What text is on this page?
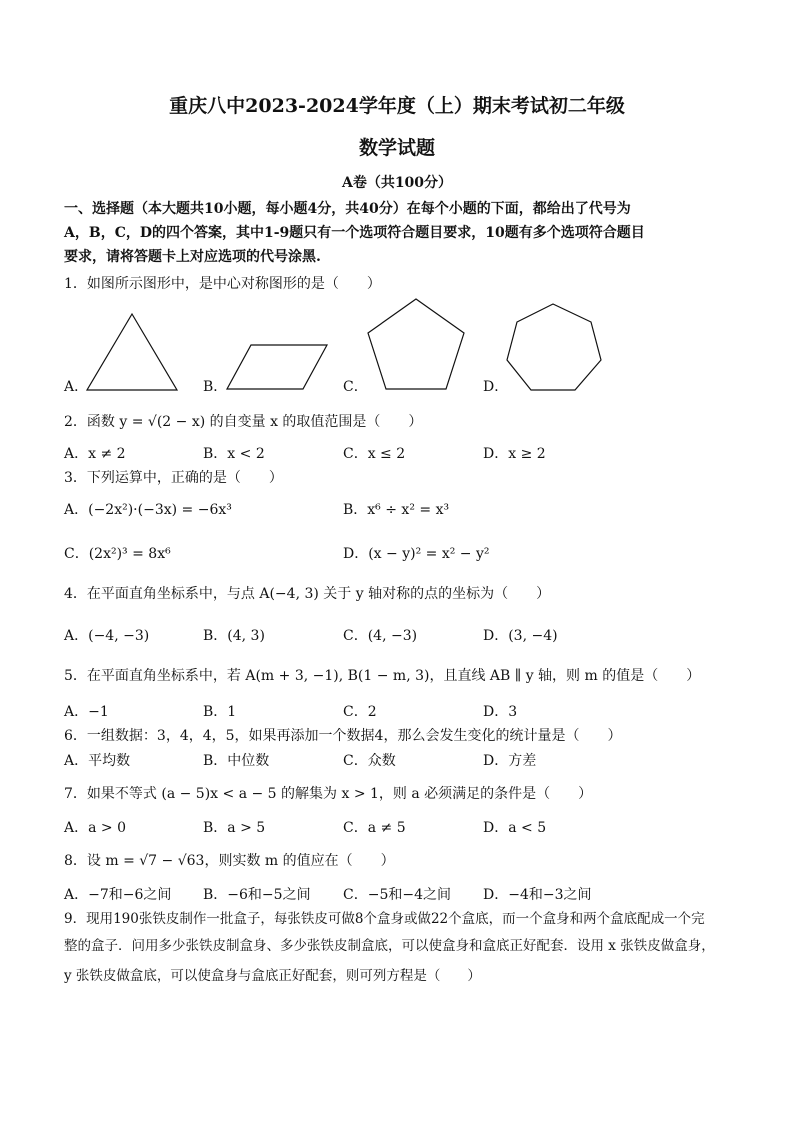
重庆八中2023-2024学年度（上）期末考试初二年级
数学试题
A卷（共100分）
一、选择题（本大题共10小题，每小题4分，共40分）在每个小题的下面，都给出了代号为
A，B，C，D的四个答案，其中1-9题只有一个选项符合题目要求，10题有多个选项符合题目
要求，请将答题卡上对应选项的代号涂黑.
1．如图所示图形中，是中心对称图形的是（　　）
A．	B．	C．	D．
2．函数 y = √(2 − x) 的自变量 x 的取值范围是（　　）
A．x ≠ 2	B．x < 2	C．x ≤ 2	D．x ≥ 2
3．下列运算中，正确的是（　　）
A．(−2x²)·(−3x) = −6x³	B．x⁶ ÷ x² = x³
C．(2x²)³ = 8x⁶	D．(x − y)² = x² − y²
4．在平面直角坐标系中，与点 A(−4, 3) 关于 y 轴对称的点的坐标为（　　）
A．(−4, −3)	B．(4, 3)	C．(4, −3)	D．(3, −4)
5．在平面直角坐标系中，若 A(m + 3, −1), B(1 − m, 3)，且直线 AB ∥ y 轴，则 m 的值是（　　）
A．−1	B．1	C．2	D．3
6．一组数据：3，4，4，5，如果再添加一个数据4，那么会发生变化的统计量是（　　）
A．平均数	B．中位数	C．众数	D．方差
7．如果不等式 (a − 5)x < a − 5 的解集为 x > 1，则 a 必须满足的条件是（　　）
A．a > 0	B．a > 5	C．a ≠ 5	D．a < 5
8．设 m = √7 − √63，则实数 m 的值应在（　　）
A．−7和−6之间 B．−6和−5之间 C．−5和−4之间 D．−4和−3之间
9．现用190张铁皮制作一批盒子，每张铁皮可做8个盒身或做22个盒底，而一个盒身和两个盒底配成一个完
整的盒子．问用多少张铁皮制盒身、多少张铁皮制盒底，可以使盒身和盒底正好配套．设用 x 张铁皮做盒身，
y 张铁皮做盒底，可以使盒身与盒底正好配套，则可列方程是（　　）
